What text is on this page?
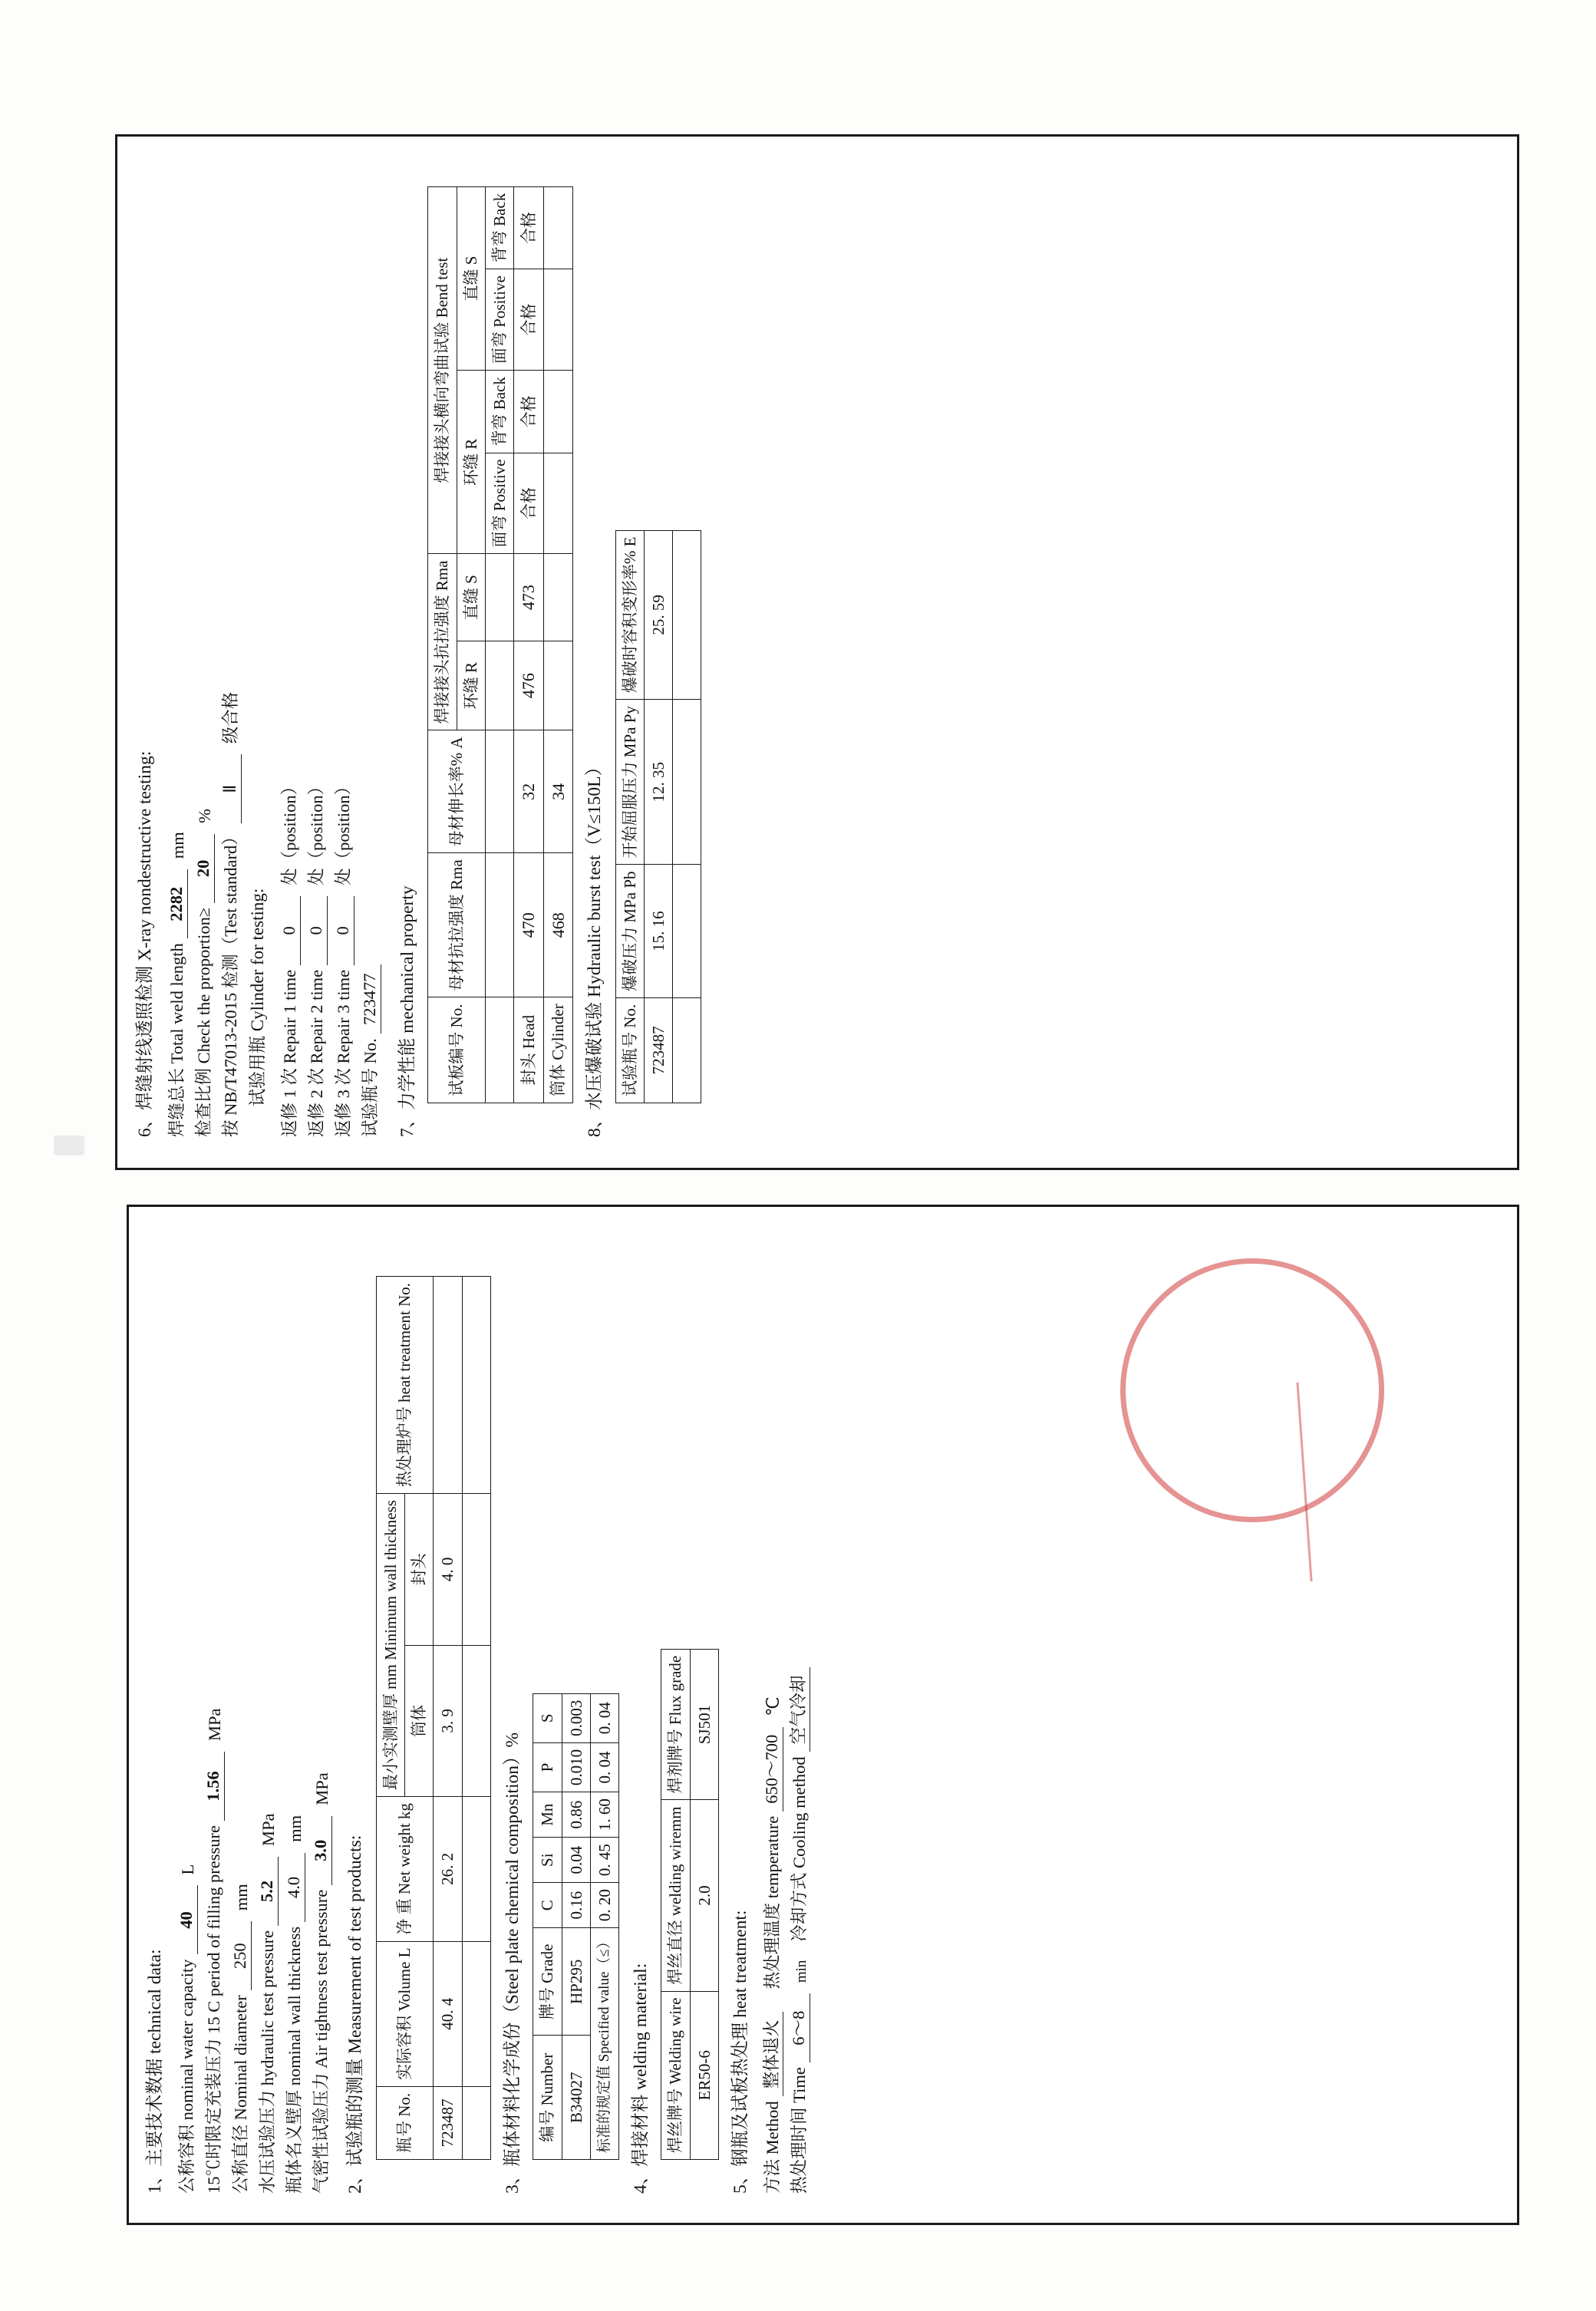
6、焊缝射线透照检测 X-ray nondestructive testing: 焊缝总长 Total weld length
2282
mm
检查比例 Check the proportion≥
20
%
按 NB/T47013-2015 检测（Test standard）
Ⅱ
级合格
试验用瓶 Cylinder for testing: 返修 1 次 Repair 1 time
0
处（position）
返修 2 次 Repair 2 time
0
处（position）
返修 3 次 Repair 3 time
0
处（position）
试验瓶号 No.
723477 7、力学性能 mechanical property 试板编号 No.	母材抗拉强度 Rma	母材伸长率% A	焊接接头抗拉强度 Rma		焊接接头横向弯曲试验 Bend test			
			环缝 R	直缝 S	环缝 R		直缝 S	
					面弯 Positive	背弯 Back	面弯 Positive	背弯 Back
封头 Head	470	32	476	473	合格	合格	合格	合格
筒体 Cylinder	468	34						8、水压爆破试验 Hydraulic burst test（V≤150L） 试验瓶号 No.	爆破压力 MPa Pb	开始屈服压力 MPa Py	爆破时容积变形率% E
723487	15. 16	12. 35	25. 59

1、主要技术数据 technical data: 公称容积 nominal water capacity
40
L 15℃时限定充装压力 15 C period of filling pressure
1.56
MPa
公称直径 Nominal diameter
250
mm
水压试验压力 hydraulic test pressure
5.2
MPa
瓶体名义壁厚 nominal wall thickness
4.0
mm
气密性试验压力 Air tightness test pressure
3.0
MPa
2、试验瓶的测量 Measurement of test products: 瓶号 No.	实际容积 Volume L	净 重 Net weight kg	最小实测壁厚 mm Minimum wall thickness		热处理炉号 heat treatment No.
			筒体	封头	
723487	40. 4	26. 2	3. 9	4. 0	

3、瓶体材料化学成份（Steel plate chemical composition）% 编号 Number	牌号 Grade	C	Si	Mn	P	S
B34027	HP295	0.16	0.04	0.86	0.010	0.003
标准的规定值 Specified value（≤）		0. 20	0. 45	1. 60	0. 04	0. 04
4、焊接材料 welding material: 焊丝牌号 Welding wire	焊丝直径 welding wiremm	焊剂牌号 Flux grade
ER50-6	2.0	SJ501
5、钢瓶及试板热处理 heat treatment: 方法 Method
整体退火
热处理温度 temperature
650～700
℃
热处理时间 Time
6～8
min
冷却方式 Cooling method
空气冷却
